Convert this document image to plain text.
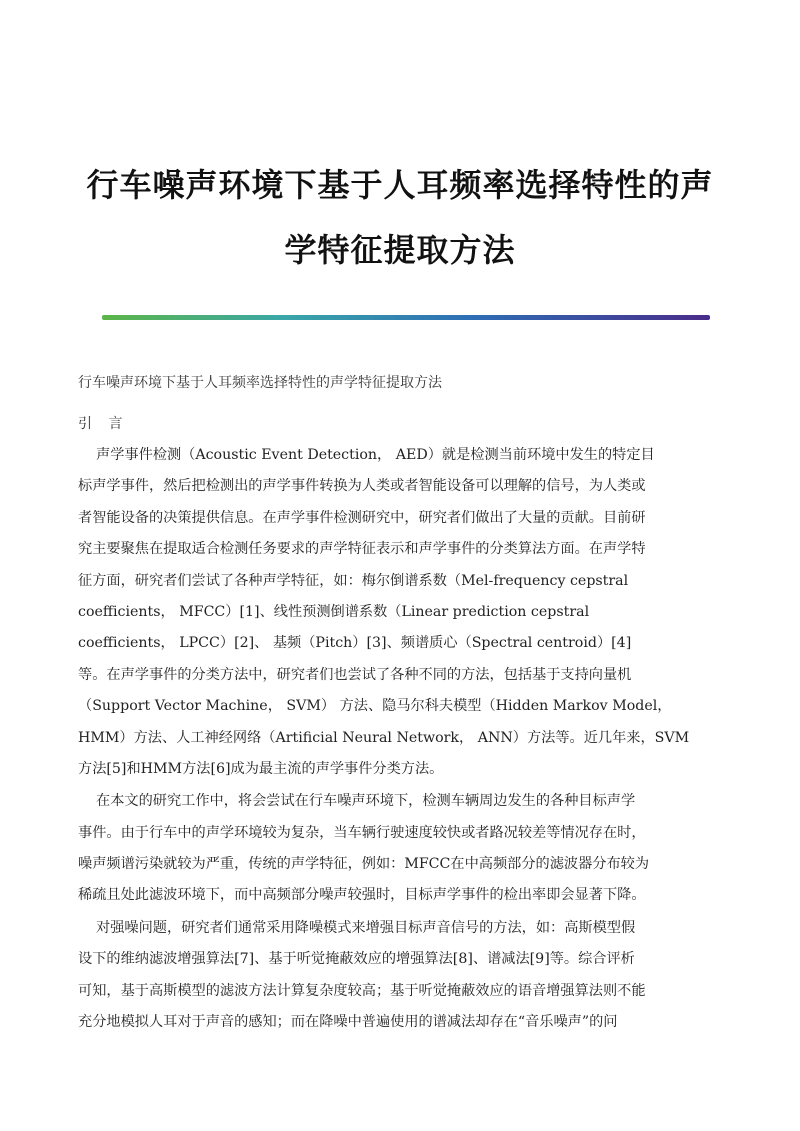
行车噪声环境下基于人耳频率选择特性的声
学特征提取方法
行车噪声环境下基于人耳频率选择特性的声学特征提取方法
引 言
声学事件检测（Acoustic Event Detection， AED）就是检测当前环境中发生的特定目
标声学事件，然后把检测出的声学事件转换为人类或者智能设备可以理解的信号，为人类或
者智能设备的决策提供信息。在声学事件检测研究中，研究者们做出了大量的贡献。目前研
究主要聚焦在提取适合检测任务要求的声学特征表示和声学事件的分类算法方面。在声学特
征方面，研究者们尝试了各种声学特征，如：梅尔倒谱系数（Mel-frequency cepstral
coefficients， MFCC）[1]、线性预测倒谱系数（Linear prediction cepstral
coefficients， LPCC）[2]、 基频（Pitch）[3]、频谱质心（Spectral centroid）[4]
等。在声学事件的分类方法中，研究者们也尝试了各种不同的方法，包括基于支持向量机
（Support Vector Machine， SVM） 方法、隐马尔科夫模型（Hidden Markov Model，
HMM）方法、人工神经网络（Artificial Neural Network， ANN）方法等。近几年来，SVM
方法[5]和HMM方法[6]成为最主流的声学事件分类方法。
在本文的研究工作中，将会尝试在行车噪声环境下，检测车辆周边发生的各种目标声学
事件。由于行车中的声学环境较为复杂，当车辆行驶速度较快或者路况较差等情况存在时，
噪声频谱污染就较为严重，传统的声学特征，例如：MFCC在中高频部分的滤波器分布较为
稀疏且处此滤波环境下，而中高频部分噪声较强时，目标声学事件的检出率即会显著下降。
对强噪问题，研究者们通常采用降噪模式来增强目标声音信号的方法，如：高斯模型假
设下的维纳滤波增强算法[7]、基于听觉掩蔽效应的增强算法[8]、谱减法[9]等。综合评析
可知，基于高斯模型的滤波方法计算复杂度较高；基于听觉掩蔽效应的语音增强算法则不能
充分地模拟人耳对于声音的感知；而在降噪中普遍使用的谱减法却存在“音乐噪声”的问
